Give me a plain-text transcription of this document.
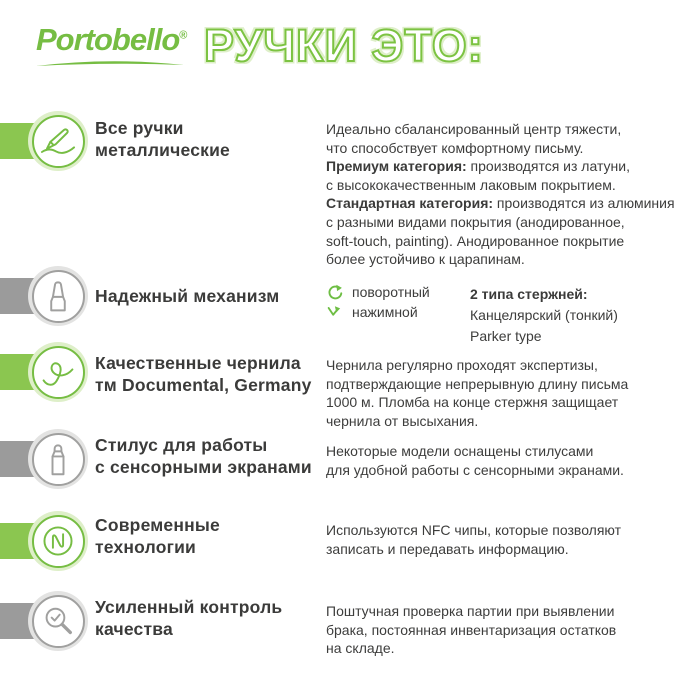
Portobello® РУЧКИ ЭТО:
Все ручки
металлические
Идеально сбалансированный центр тяжести,
что способствует комфортному письму.
Премиум категория: производятся из латуни,
с высококачественным лаковым покрытием.
Стандартная категория: производятся из алюминия
с разными видами покрытия (анодированное,
soft-touch, painting). Анодированное покрытие
более устойчиво к царапинам.
Надежный механизм	поворотный
нажимной
2 типа стержней:
Канцелярский (тонкий)
Parker type
Качественные чернила
тм Documental, Germany
Чернила регулярно проходят экспертизы,
подтверждающие непрерывную длину письма
1000 м. Пломба на конце стержня защищает
чернила от высыхания.
Стилус для работы
с сенсорными экранами
Некоторые модели оснащены стилусами
для удобной работы с сенсорными экранами.
Современные
технологии
Используются NFC чипы, которые позволяют
записать и передавать информацию.
Усиленный контроль
качества
Поштучная проверка партии при выявлении
брака, постоянная инвентаризация остатков
на складе.
